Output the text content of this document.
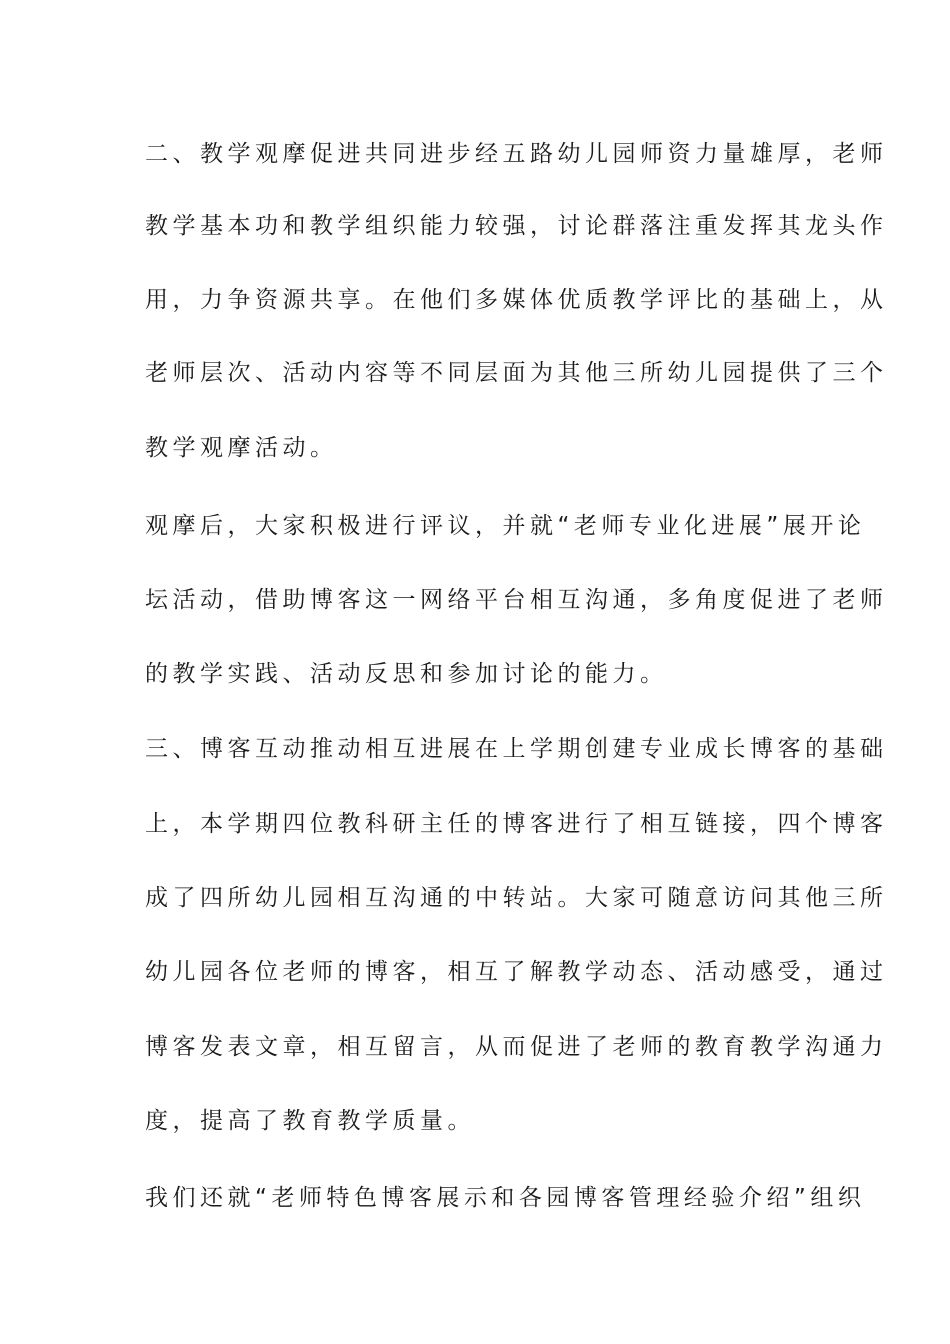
二、教学观摩促进共同进步经五路幼儿园师资力量雄厚，老师
教学基本功和教学组织能力较强，讨论群落注重发挥其龙头作
用，力争资源共享。在他们多媒体优质教学评比的基础上，从
老师层次、活动内容等不同层面为其他三所幼儿园提供了三个
教学观摩活动。
观摩后，大家积极进行评议，并就“老师专业化进展”展开论
坛活动，借助博客这一网络平台相互沟通，多角度促进了老师
的教学实践、活动反思和参加讨论的能力。
三、博客互动推动相互进展在上学期创建专业成长博客的基础
上，本学期四位教科研主任的博客进行了相互链接，四个博客
成了四所幼儿园相互沟通的中转站。大家可随意访问其他三所
幼儿园各位老师的博客，相互了解教学动态、活动感受，通过
博客发表文章，相互留言，从而促进了老师的教育教学沟通力
度，提高了教育教学质量。
我们还就“老师特色博客展示和各园博客管理经验介绍”组织
